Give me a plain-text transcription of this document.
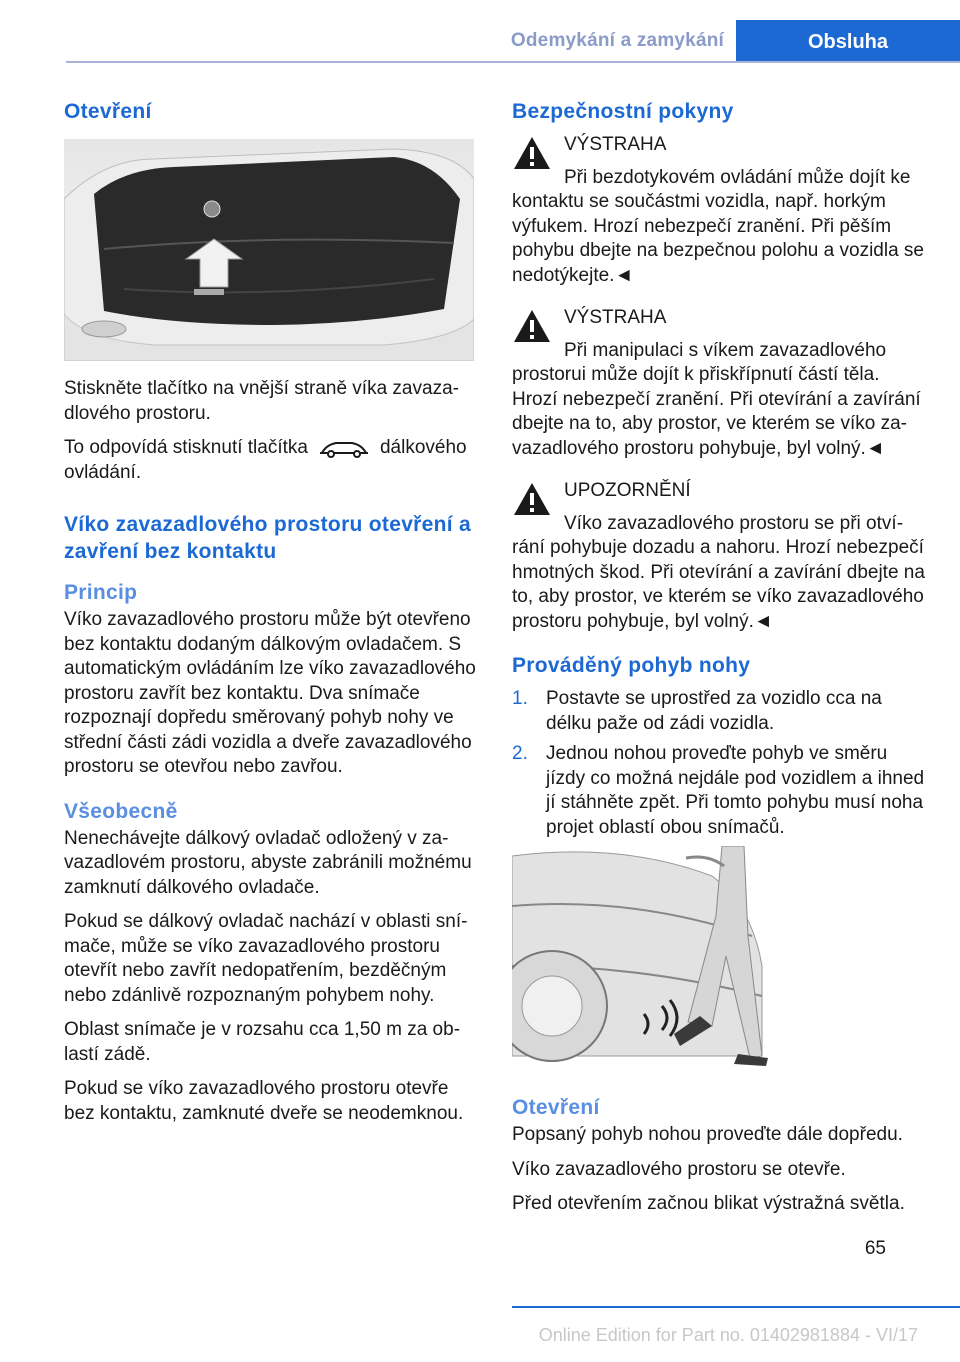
Odemykání a zamykání	Obsluha
Otevření

Stiskněte tlačítko na vnější straně víka zavazadlového prostoru.

To odpovídá stisknutí tlačítka	dálkového ovládání.

Víko zavazadlového prostoru otevření a zavření bez kontaktu
Princip

Víko zavazadlového prostoru může být otevřeno bez kontaktu dodaným dálkovým ovladačem. S automatickým ovládáním lze víko zavazadlového prostoru zavřít bez kontaktu. Dva snímače rozpoznají dopředu směrovaný pohyb nohy ve střední části zádi vozidla a dveře zavazadlového prostoru se otevřou nebo zavřou.

Všeobecně

Nenechávejte dálkový ovladač odložený v zavazadlovém prostoru, abyste zabránili možnému zamknutí dálkového ovladače.

Pokud se dálkový ovladač nachází v oblasti snímače, může se víko zavazadlového prostoru otevřít nebo zavřít nedopatřením, bezděčným nebo zdánlivě rozpoznaným pohybem nohy.

Oblast snímače je v rozsahu cca 1,50 m za oblastí zádě.

Pokud se víko zavazadlového prostoru otevře bez kontaktu, zamknuté dveře se neodemknou.

Bezpečnostní pokyny
VÝSTRAHA
Při bezdotykovém ovládání může dojít ke kontaktu se součástmi vozidla, např. horkým výfukem. Hrozí nebezpečí zranění. Při pěším pohybu dbejte na bezpečnou polohu a vozidla se nedotýkejte.◄
VÝSTRAHA
Při manipulaci s víkem zavazadlového prostorui může dojít k přiskřípnutí částí těla. Hrozí nebezpečí zranění. Při otevírání a zavírání dbejte na to, aby prostor, ve kterém se víko zavazadlového prostoru pohybuje, byl volný.◄
UPOZORNĚNÍ
Víko zavazadlového prostoru se při otvírání pohybuje dozadu a nahoru. Hrozí nebezpečí hmotných škod. Při otevírání a zavírání dbejte na to, aby prostor, ve kterém se víko zavazadlového prostoru pohybuje, byl volný.◄
Prováděný pohyb nohy
1. Postavte se uprostřed za vozidlo cca na délku paže od zádi vozidla.
2. Jednou nohou proveďte pohyb ve směru jízdy co možná nejdále pod vozidlem a ihned jí stáhněte zpět. Při tomto pohybu musí noha projet oblastí obou snímačů.
Otevření

Popsaný pohyb nohou proveďte dále dopředu.

Víko zavazadlového prostoru se otevře.

Před otevřením začnou blikat výstražná světla.

65
Online Edition for Part no. 01402981884 - VI/17
